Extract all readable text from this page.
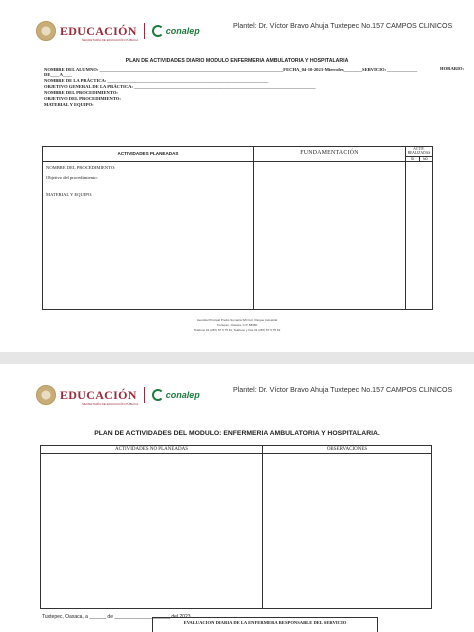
EDUCACIÓN
SECRETARÍA DE EDUCACIÓN PÚBLICA
conalep	Plantel: Dr. Víctor Bravo Ahuja Tuxtepec No.157 CAMPOS CLINICOS
PLAN DE ACTIVIDADES DIARIO MODULO ENFERMERIA AMBULATORIA Y HOSPITALARIA
NOMBRE DEL ALUMNO: ________________________________________________________________________________FECHA_04-10-2023-Miercoles________SERVICIO: _____________	HORARIO:
DE____A____
NOMBRE DE LA PRÁCTICA: ______________________________________________________________________
OBJETIVO GENERAL DE LA PRÁCTICA: _______________________________________________________________________________
NOMBRE DEL PROCEDIMIENTO:
OBJETIVO DEL PROCEDIMIENTO:
MATERIAL Y EQUIPO:
ACTIVIDADES PLANEADAS	FUNDAMENTACIÓN
ACTIV. REALIZADAS
SI	NO
NOMBRE DEL PROCEDIMIENTO:
Objetivo del procedimiento:
MATERIAL Y EQUIPO:
Avenida Principal Predio Sumatra S/N Col. Parque Industrial
Tuxtepec, Oaxaca, C.P. 68380
Teléfono 01 (287) 87 5 75 61, Teléfono y Fax 01 (287) 87 5 75 63
EDUCACIÓN
SECRETARÍA DE EDUCACIÓN PÚBLICA
conalep	Plantel: Dr. Víctor Bravo Ahuja Tuxtepec No.157 CAMPOS CLINICOS
PLAN DE ACTIVIDADES DEL MODULO: ENFERMERIA AMBULATORIA Y HOSPITALARIA.
ACTIVIDADES NO PLANEADAS	OBSERVACIONES
Tuxtepec, Oaxaca, a ______ de ____________________ del 2023
EVALUACION DIARIA DE LA ENFERMERA RESPONSABLE DEL SERVICIO
